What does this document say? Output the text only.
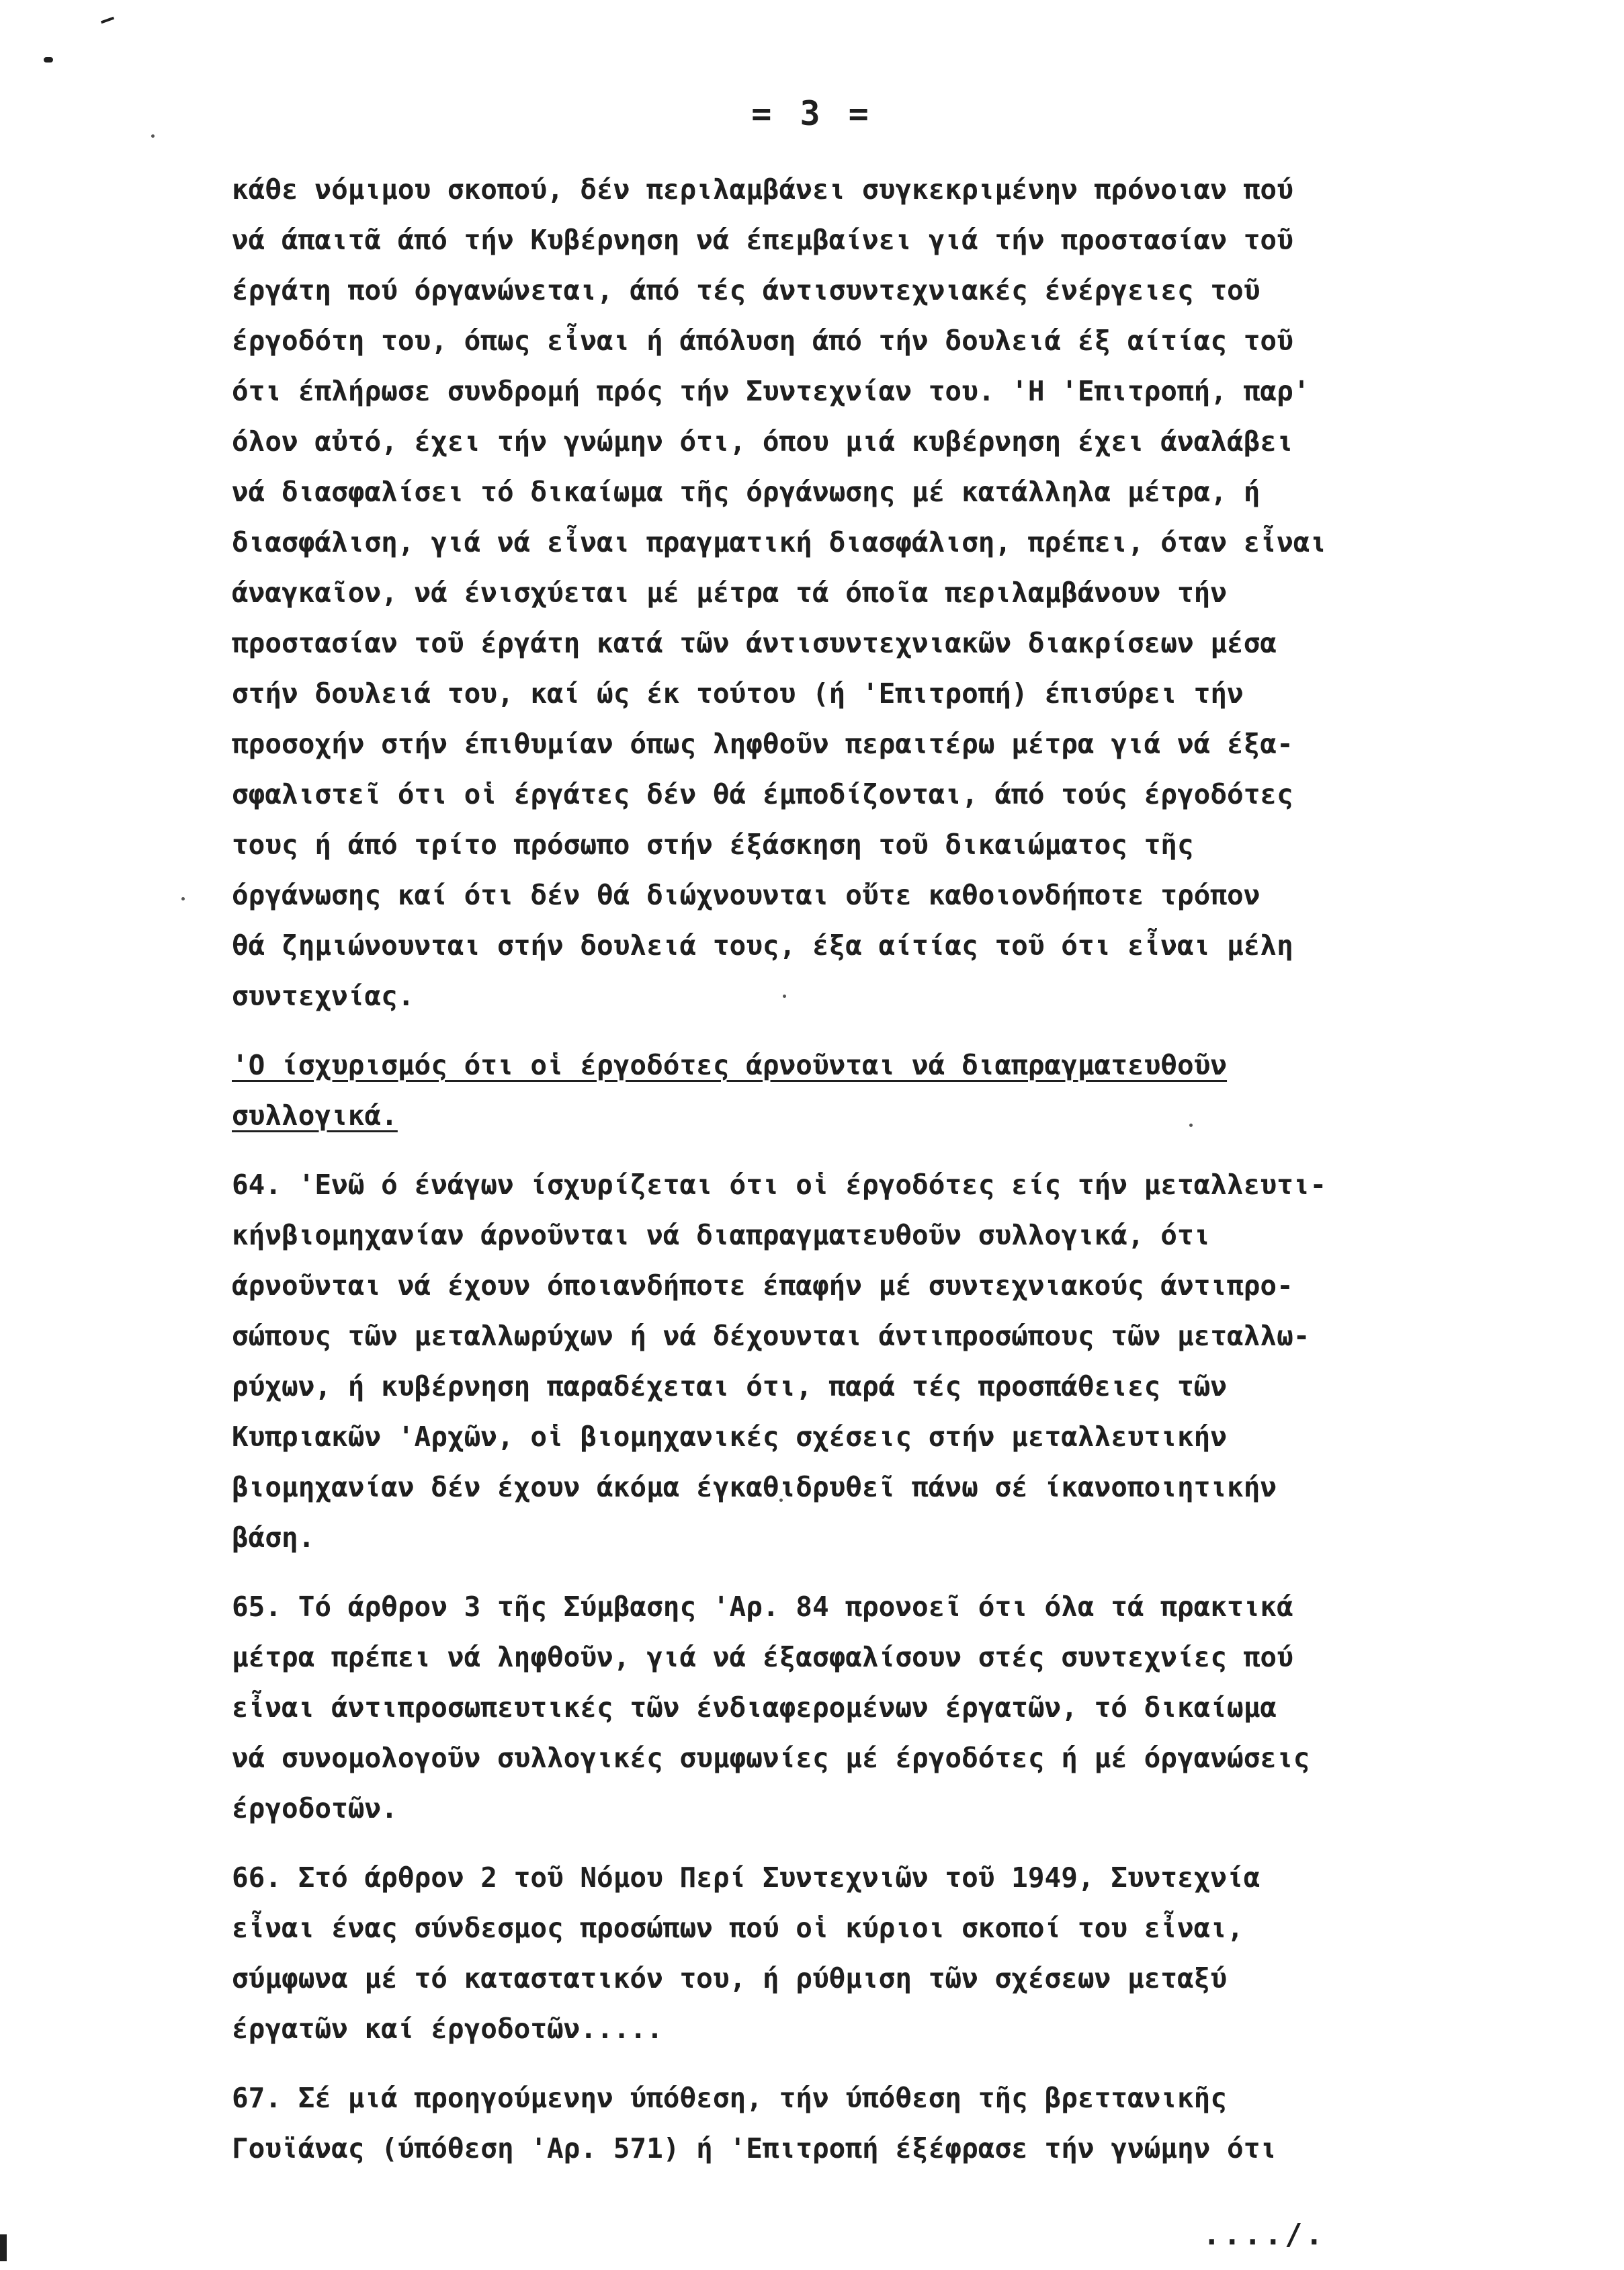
= 3 =
κάθε νόμιμου σκοπού, δέν περιλαμβάνει συγκεκριμένην πρόνοιαν πού
νά άπαιτᾶ άπό τήν Κυβέρνηση νά έπεμβαίνει γιά τήν προστασίαν τοῦ
έργάτη πού όργανώνεται, άπό τές άντισυντεχνιακές ένέργειες τοῦ
έργοδότη του, όπως εἶναι ή άπόλυση άπό τήν δουλειά έξ αίτίας τοῦ
ότι έπλήρωσε συνδρομή πρός τήν Συντεχνίαν του. 'Η 'Επιτροπή, παρ'
όλον αὐτό, έχει τήν γνώμην ότι, όπου μιά κυβέρνηση έχει άναλάβει
νά διασφαλίσει τό δικαίωμα τῆς όργάνωσης μέ κατάλληλα μέτρα, ή
διασφάλιση, γιά νά εἶναι πραγματική διασφάλιση, πρέπει, όταν εἶναι
άναγκαῖον, νά ένισχύεται μέ μέτρα τά όποῖα περιλαμβάνουν τήν
προστασίαν τοῦ έργάτη κατά τῶν άντισυντεχνιακῶν διακρίσεων μέσα
στήν δουλειά του, καί ώς έκ τούτου (ή 'Επιτροπή) έπισύρει τήν
προσοχήν στήν έπιθυμίαν όπως ληφθοῦν περαιτέρω μέτρα γιά νά έξα-
σφαλιστεῖ ότι οἱ έργάτες δέν θά έμποδίζονται, άπό τούς έργοδότες
τους ή άπό τρίτο πρόσωπο στήν έξάσκηση τοῦ δικαιώματος τῆς
όργάνωσης καί ότι δέν θά διώχνουνται οὔτε καθοιονδήποτε τρόπον
θά ζημιώνουνται στήν δουλειά τους, έξα αίτίας τοῦ ότι εἶναι μέλη
συντεχνίας.
'Ο ίσχυρισμός ότι οἱ έργοδότες άρνοῦνται νά διαπραγματευθοῦν
συλλογικά.
64. 'Ενῶ ό ένάγων ίσχυρίζεται ότι οἱ έργοδότες είς τήν μεταλλευτι-
κήνβιομηχανίαν άρνοῦνται νά διαπραγματευθοῦν συλλογικά, ότι
άρνοῦνται νά έχουν όποιανδήποτε έπαφήν μέ συντεχνιακούς άντιπρο-
σώπους τῶν μεταλλωρύχων ή νά δέχουνται άντιπροσώπους τῶν μεταλλω-
ρύχων, ή κυβέρνηση παραδέχεται ότι, παρά τές προσπάθειες τῶν
Κυπριακῶν 'Αρχῶν, οἱ βιομηχανικές σχέσεις στήν μεταλλευτικήν
βιομηχανίαν δέν έχουν άκόμα έγκαθιδρυθεῖ πάνω σέ ίκανοποιητικήν
βάση.
65. Τό άρθρον 3 τῆς Σύμβασης 'Αρ. 84 προνοεῖ ότι όλα τά πρακτικά
μέτρα πρέπει νά ληφθοῦν, γιά νά έξασφαλίσουν στές συντεχνίες πού
εἶναι άντιπροσωπευτικές τῶν ένδιαφερομένων έργατῶν, τό δικαίωμα
νά συνομολογοῦν συλλογικές συμφωνίες μέ έργοδότες ή μέ όργανώσεις
έργοδοτῶν.
66. Στό άρθρον 2 τοῦ Νόμου Περί Συντεχνιῶν τοῦ 1949, Συντεχνία
εἶναι ένας σύνδεσμος προσώπων πού οἱ κύριοι σκοποί του εἶναι,
σύμφωνα μέ τό καταστατικόν του, ή ρύθμιση τῶν σχέσεων μεταξύ
έργατῶν καί έργοδοτῶν.....
67. Σέ μιά προηγούμενην ύπόθεση, τήν ύπόθεση τῆς βρεττανικῆς
Γουϊάνας (ύπόθεση 'Αρ. 571) ή 'Επιτροπή έξέφρασε τήν γνώμην ότι
..../.
